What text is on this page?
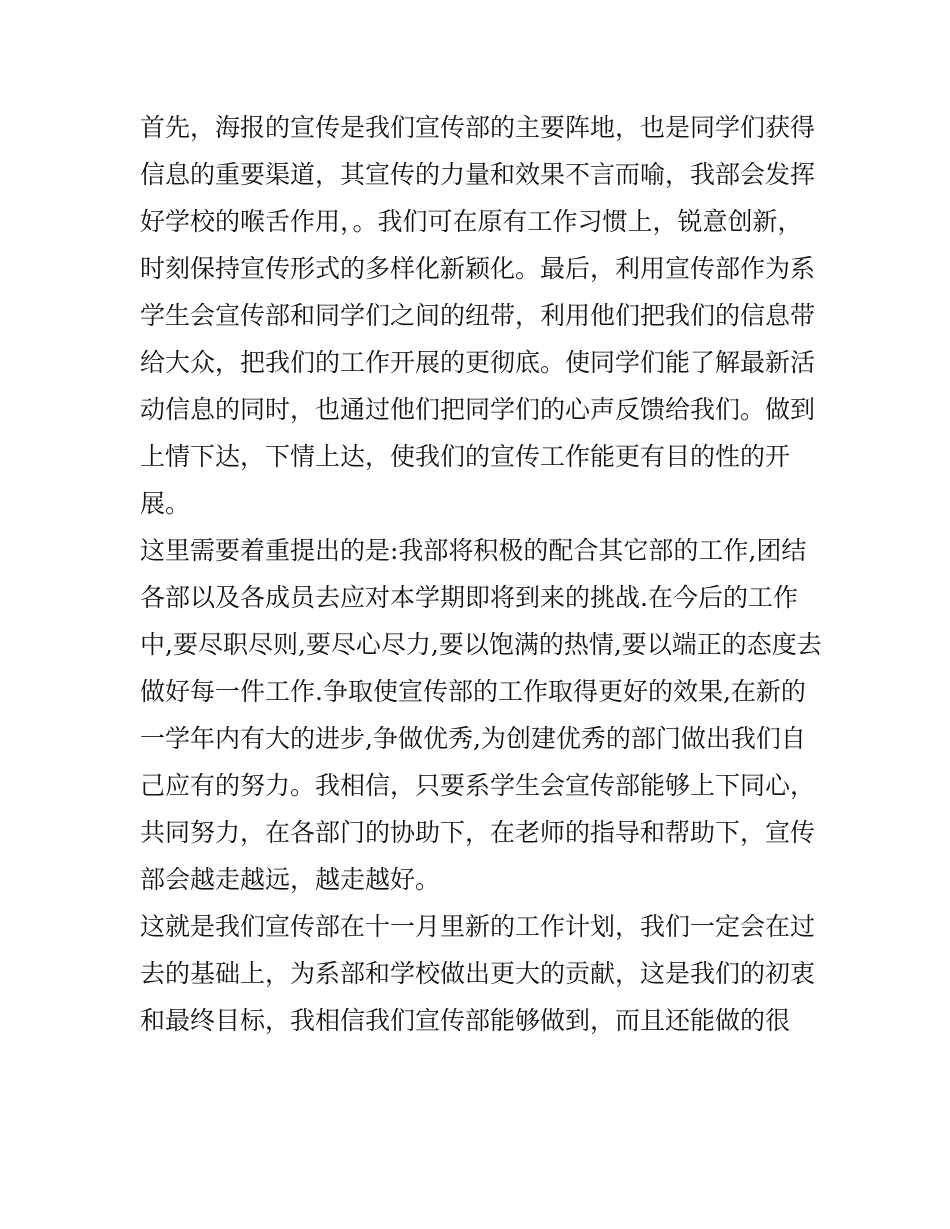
首先，海报的宣传是我们宣传部的主要阵地，也是同学们获得
信息的重要渠道，其宣传的力量和效果不言而喻，我部会发挥
好学校的喉舌作用，。我们可在原有工作习惯上，锐意创新，
时刻保持宣传形式的多样化新颖化。最后，利用宣传部作为系
学生会宣传部和同学们之间的纽带，利用他们把我们的信息带
给大众，把我们的工作开展的更彻底。使同学们能了解最新活
动信息的同时，也通过他们把同学们的心声反馈给我们。做到
上情下达，下情上达，使我们的宣传工作能更有目的性的开
展。
这里需要着重提出的是:我部将积极的配合其它部的工作,团结
各部以及各成员去应对本学期即将到来的挑战.在今后的工作
中,要尽职尽则,要尽心尽力,要以饱满的热情,要以端正的态度去
做好每一件工作.争取使宣传部的工作取得更好的效果,在新的
一学年内有大的进步,争做优秀,为创建优秀的部门做出我们自
己应有的努力。我相信，只要系学生会宣传部能够上下同心，
共同努力，在各部门的协助下，在老师的指导和帮助下，宣传
部会越走越远，越走越好。
这就是我们宣传部在十一月里新的工作计划，我们一定会在过
去的基础上，为系部和学校做出更大的贡献，这是我们的初衷
和最终目标，我相信我们宣传部能够做到，而且还能做的很
